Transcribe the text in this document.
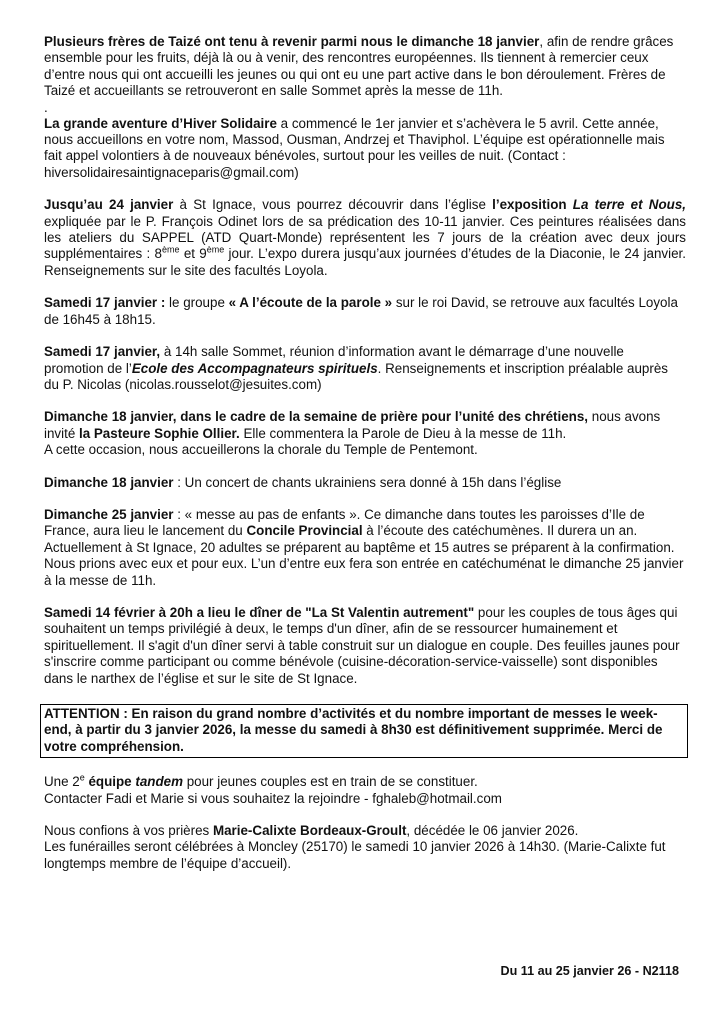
Plusieurs frères de Taizé ont tenu à revenir parmi nous le dimanche 18 janvier, afin de rendre grâces ensemble pour les fruits, déjà là ou à venir, des rencontres européennes. Ils tiennent à remercier ceux d’entre nous qui ont accueilli les jeunes ou qui ont eu une part active dans le bon déroulement. Frères de Taizé et accueillants se retrouveront en salle Sommet après la messe de 11h.

.

La grande aventure d’Hiver Solidaire a commencé le 1er janvier et s’achèvera le 5 avril. Cette année, nous accueillons en votre nom, Massod, Ousman, Andrzej et Thaviphol. L’équipe est opérationnelle mais fait appel volontiers à de nouveaux bénévoles, surtout pour les veilles de nuit. (Contact : hiversolidairesaintignaceparis@gmail.com)

Jusqu’au 24 janvier à St Ignace, vous pourrez découvrir dans l’église l’exposition La terre et Nous, expliquée par le P. François Odinet lors de sa prédication des 10-11 janvier. Ces peintures réalisées dans les ateliers du SAPPEL (ATD Quart-Monde) représentent les 7 jours de la création avec deux jours supplémentaires : 8ème et 9ème jour. L’expo durera jusqu’aux journées d’études de la Diaconie, le 24 janvier. Renseignements sur le site des facultés Loyola.

Samedi 17 janvier : le groupe « A l’écoute de la parole » sur le roi David, se retrouve aux facultés Loyola de 16h45 à 18h15.

Samedi 17 janvier, à 14h salle Sommet, réunion d’information avant le démarrage d’une nouvelle promotion de l’Ecole des Accompagnateurs spirituels. Renseignements et inscription préalable auprès du P. Nicolas (nicolas.rousselot@jesuites.com)

Dimanche 18 janvier, dans le cadre de la semaine de prière pour l’unité des chrétiens, nous avons invité la Pasteure Sophie Ollier. Elle commentera la Parole de Dieu à la messe de 11h.

A cette occasion, nous accueillerons la chorale du Temple de Pentemont.

Dimanche 18 janvier : Un concert de chants ukrainiens sera donné à 15h dans l’église

Dimanche 25 janvier : « messe au pas de enfants ». Ce dimanche dans toutes les paroisses d’Ile de France, aura lieu le lancement du Concile Provincial à l’écoute des catéchumènes. Il durera un an. Actuellement à St Ignace, 20 adultes se préparent au baptême et 15 autres se préparent à la confirmation. Nous prions avec eux et pour eux. L’un d’entre eux fera son entrée en catéchuménat le dimanche 25 janvier à la messe de 11h.

Samedi 14 février à 20h a lieu le dîner de "La St Valentin autrement" pour les couples de tous âges qui souhaitent un temps privilégié à deux, le temps d'un dîner, afin de se ressourcer humainement et spirituellement. Il s'agit d'un dîner servi à table construit sur un dialogue en couple. Des feuilles jaunes pour s'inscrire comme participant ou comme bénévole (cuisine-décoration-service-vaisselle) sont disponibles dans le narthex de l’église et sur le site de St Ignace.

ATTENTION : En raison du grand nombre d’activités et du nombre important de messes le week-end, à partir du 3 janvier 2026, la messe du samedi à 8h30 est définitivement supprimée. Merci de votre compréhension.

Une 2e équipe tandem pour jeunes couples est en train de se constituer.

Contacter Fadi et Marie si vous souhaitez la rejoindre - fghaleb@hotmail.com

Nous confions à vos prières Marie-Calixte Bordeaux-Groult, décédée le 06 janvier 2026.

Les funérailles seront célébrées à Moncley (25170) le samedi 10 janvier 2026 à 14h30. (Marie-Calixte fut longtemps membre de l’équipe d’accueil).

Du 11 au 25 janvier 26 - N2118
